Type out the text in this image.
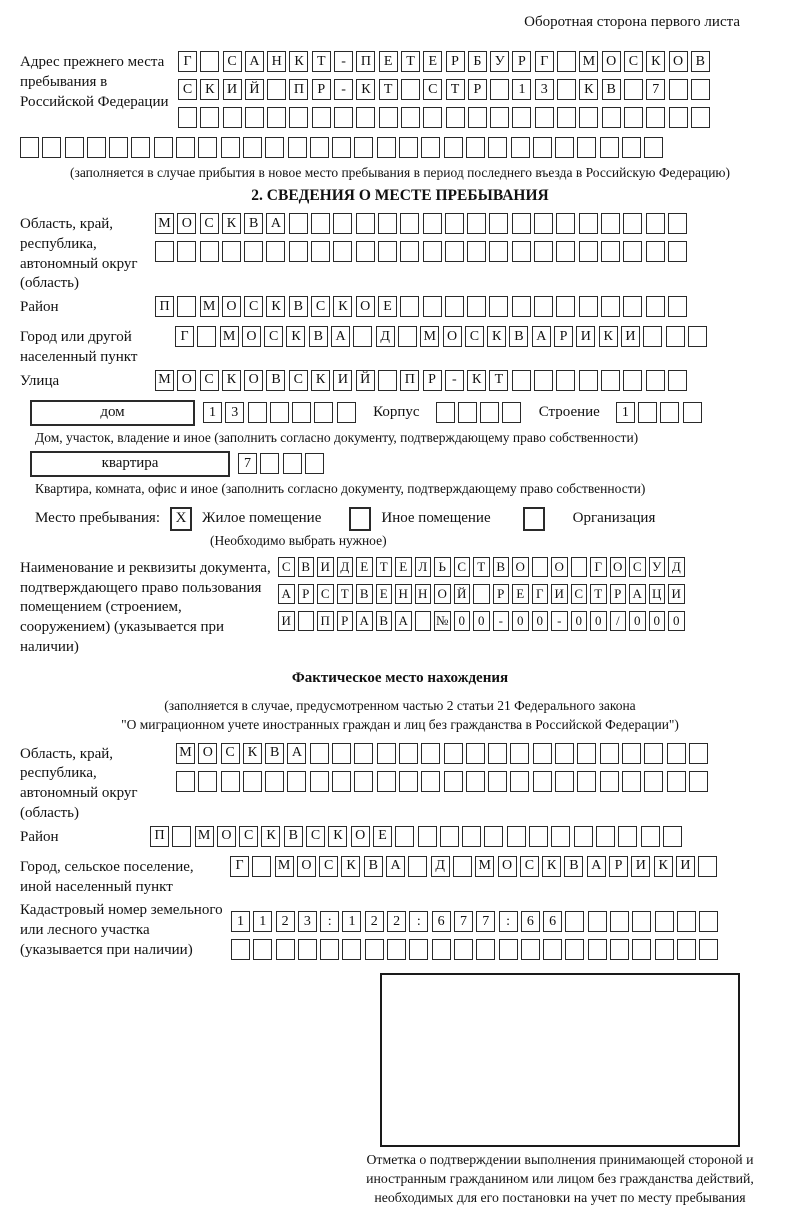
Оборотная сторона первого листа
Адрес прежнего места пребывания в Российской Федерации
Г	С А Н К Т	-	П Е Т Е	Р	Б У Р	Г	М О С К О В
С К И Й	П Р	-	К Т	С Т	Р	1	3	К В	7
(заполняется в случае прибытия в новое место пребывания в период последнего въезда в Российскую Федерацию)
2. СВЕДЕНИЯ О МЕСТЕ ПРЕБЫВАНИЯ
Область, край, республика, автономный округ (область)
М О С К В А
Район	П	М О С К В С К О Е
Город или другой населенный пункт
Г	М О С К В А	Д	М О С К В А Р И К И
Улица	М О С К О В С К И Й	П Р	-	К Т
дом	1	3	Корпус	Строение	1
Дом, участок, владение и иное (заполнить согласно документу, подтверждающему право собственности)
квартира	7
Квартира, комната, офис и иное (заполнить согласно документу, подтверждающему право собственности)
Место пребывания:	X	Жилое помещение	Иное помещение	Организация
(Необходимо выбрать нужное)
Наименование и реквизиты документа, подтверждающего право пользования помещением (строением, сооружением) (указывается при наличии)
С В И Д Е Т Е Л Ь С Т В О О	Г О С У Д
А Р С Т В Е Н Н О Й	Р Е Г И С Т Р А Ц И
И П Р А В А № 0	0	-	0	0	-	0	0	/	0	0	0
Фактическое место нахождения
(заполняется в случае, предусмотренном частью 2 статьи 21 Федерального закона
"О миграционном учете иностранных граждан и лиц без гражданства в Российской Федерации")
Область, край, республика, автономный округ (область)
М О С К В А
Район	П	М О С К В С К О Е
Город, сельское поселение, иной населенный пункт
Г	М О С К В А	Д	М О С К В А Р И К И
Кадастровый номер земельного или лесного участка (указывается при наличии)
1	1	2	3	:	1	2	2	:	6	7	7	:	6	6
Отметка о подтверждении выполнения принимающей стороной и иностранным гражданином или лицом без гражданства действий, необходимых для его постановки на учет по месту пребывания
